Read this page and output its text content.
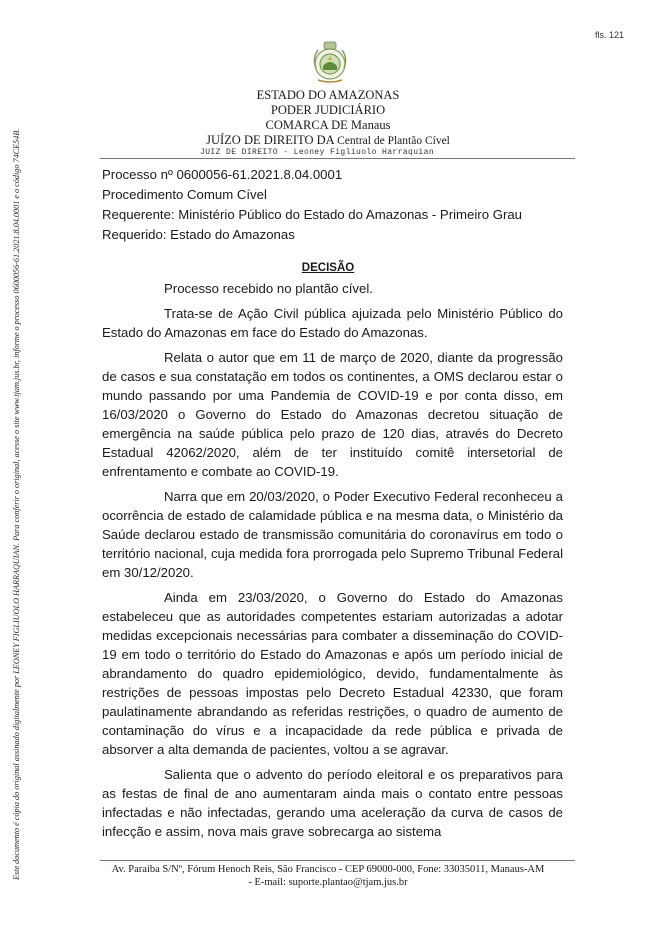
fls. 121
Este documento é cópia do original assinado digitalmente por LEONEY FIGLIUOLO HARRAQUIAN. Para conferir o original, acesse o site www.tjam.jus.br, informe o processo 0600056-61.2021.8.04.0001 e o código 74CE54B.
ESTADO DO AMAZONAS
PODER JUDICIÁRIO
COMARCA DE Manaus
JUÍZO DE DIREITO DA Central de Plantão Cível
JUIZ DE DIREITO - Leoney Figliuolo Harraquian
Processo nº 0600056-61.2021.8.04.0001
Procedimento Comum Cível
Requerente: Ministério Público do Estado do Amazonas - Primeiro Grau
Requerido: Estado do Amazonas
DECISÃO

Processo recebido no plantão cível.

Trata-se de Ação Civil pública ajuizada pelo Ministério Público do Estado do Amazonas em face do Estado do Amazonas.

Relata o autor que em 11 de março de 2020, diante da progressão de casos e sua constatação em todos os continentes, a OMS declarou estar o mundo passando por uma Pandemia de COVID-19 e por conta disso, em 16/03/2020 o Governo do Estado do Amazonas decretou situação de emergência na saúde pública pelo prazo de 120 dias, através do Decreto Estadual 42062/2020, além de ter instituído comitê intersetorial de enfrentamento e combate ao COVID-19.

Narra que em 20/03/2020, o Poder Executivo Federal reconheceu a ocorrência de estado de calamidade pública e na mesma data, o Ministério da Saúde declarou estado de transmissão comunitária do coronavírus em todo o território nacional, cuja medida fora prorrogada pelo Supremo Tribunal Federal em 30/12/2020.

Ainda em 23/03/2020, o Governo do Estado do Amazonas estabeleceu que as autoridades competentes estariam autorizadas a adotar medidas excepcionais necessárias para combater a disseminação do COVID-19 em todo o território do Estado do Amazonas e após um período inicial de abrandamento do quadro epidemiológico, devido, fundamentalmente às restrições de pessoas impostas pelo Decreto Estadual 42330, que foram paulatinamente abrandando as referidas restrições, o quadro de aumento de contaminação do vírus e a incapacidade da rede pública e privada de absorver a alta demanda de pacientes, voltou a se agravar.

Salienta que o advento do período eleitoral e os preparativos para as festas de final de ano aumentaram ainda mais o contato entre pessoas infectadas e não infectadas, gerando uma aceleração da curva de casos de infecção e assim, nova mais grave sobrecarga ao sistema

Av. Paraíba S/Nº, Fórum Henoch Reis, São Francisco - CEP 69000-000, Fone: 33035011, Manaus-AM
- E-mail: suporte.plantao@tjam.jus.br
